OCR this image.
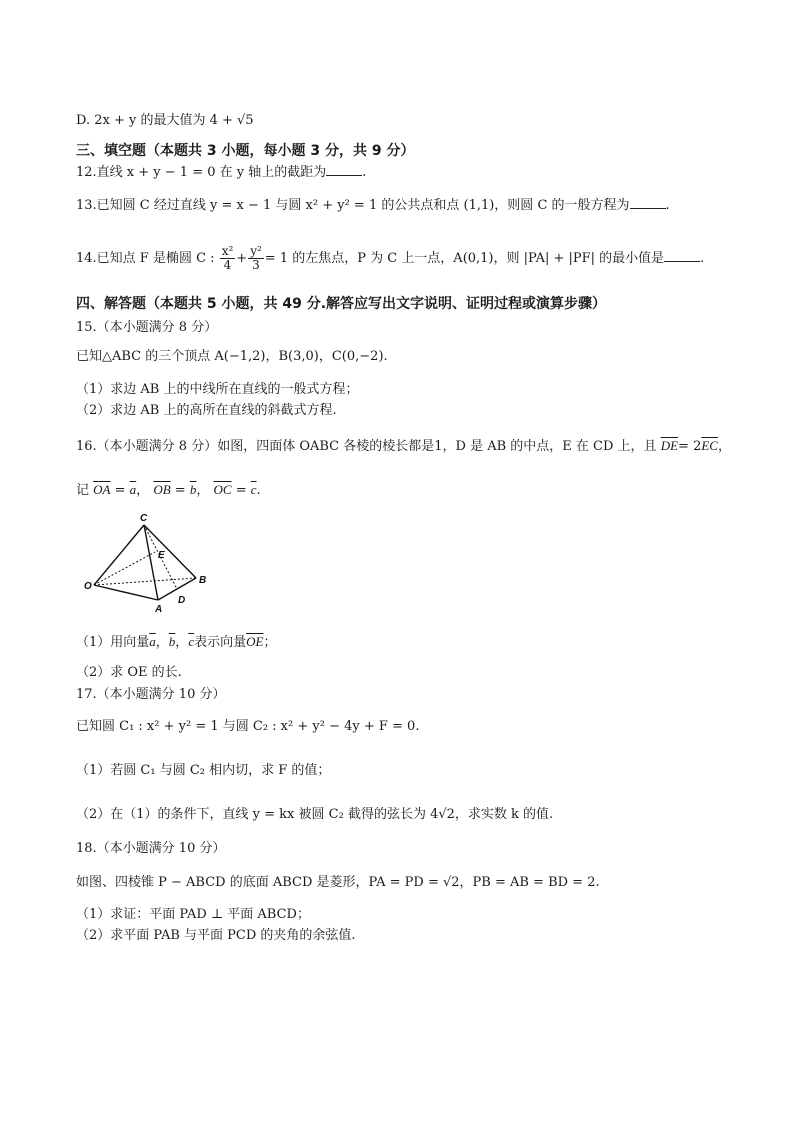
D. 2x + y 的最大值为 4 + √5
三、填空题（本题共 3 小题，每小题 3 分，共 9 分）
12.直线 x + y − 1 = 0 在 y 轴上的截距为	.
13.已知圆 C 经过直线 y = x − 1 与圆 x² + y² = 1 的公共点和点 (1,1)，则圆 C 的一般方程为	.
14.已知点 F 是椭圆 C : $\frac{\text{x²}}{4} + \frac{\text{y²}}{3} = 1$ 的左焦点，P 为 C 上一点，A(0,1)，则 |PA| + |PF| 的最小值是	.
四、解答题（本题共 5 小题，共 49 分.解答应写出文字说明、证明过程或演算步骤）
15.（本小题满分 8 分）
已知△ABC 的三个顶点 A(−1,2)，B(3,0)，C(0,−2).
（1）求边 AB 上的中线所在直线的一般式方程；
（2）求边 AB 上的高所在直线的斜截式方程.
16.（本小题满分 8 分）如图，四面体 OABC 各棱的棱长都是1，D 是 AB 的中点，E 在 CD 上，且 $\overline{DE}= 2\overline{EC}$，
记 $\overline{OA} = \overline{a}$， $\overline{OB} = \overline{b}$， $\overline{OC} = \overline{c}$.
C
E
O
B
D
A
（1）用向量$\overline{a}$，$\overline{b}$，$\overline{c}$表示向量$\overline{OE}$；
（2）求 OE 的长.
17.（本小题满分 10 分）
已知圆 C₁ : x² + y² = 1 与圆 C₂ : x² + y² − 4y + F = 0.
（1）若圆 C₁ 与圆 C₂ 相内切，求 F 的值；
（2）在（1）的条件下，直线 y = kx 被圆 C₂ 截得的弦长为 4√2，求实数 k 的值.
18.（本小题满分 10 分）
如图、四棱锥 P − ABCD 的底面 ABCD 是菱形，PA = PD = √2，PB = AB = BD = 2.
（1）求证：平面 PAD ⊥ 平面 ABCD；
（2）求平面 PAB 与平面 PCD 的夹角的余弦值.
